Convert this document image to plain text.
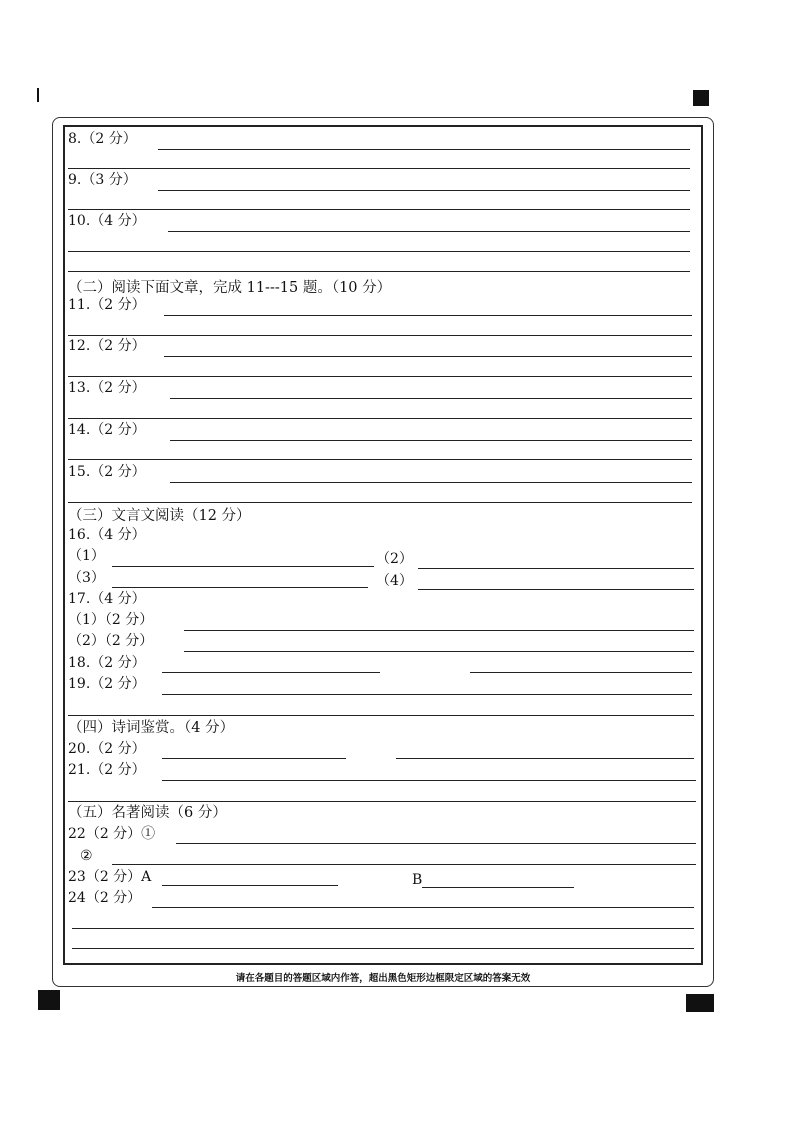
8.（2 分）
9.（3 分）
10.（4 分）
（二）阅读下面文章，完成 11---15 题。（10 分）
11.（2 分）
12.（2 分）
13.（2 分）
14.（2 分）
15.（2 分）
（三）文言文阅读（12 分）
16.（4 分）
（1）	（2）
（3）	（4）
17.（4 分）
（1）（2 分）
（2）（2 分）
18.（2 分）
19.（2 分）
（四）诗词鉴赏。（4 分）
20.（2 分）
21.（2 分）
（五）名著阅读（6 分）
22（2 分）①
②
23（2 分）A	B
24（2 分）
请在各题目的答题区域内作答，超出黑色矩形边框限定区域的答案无效
